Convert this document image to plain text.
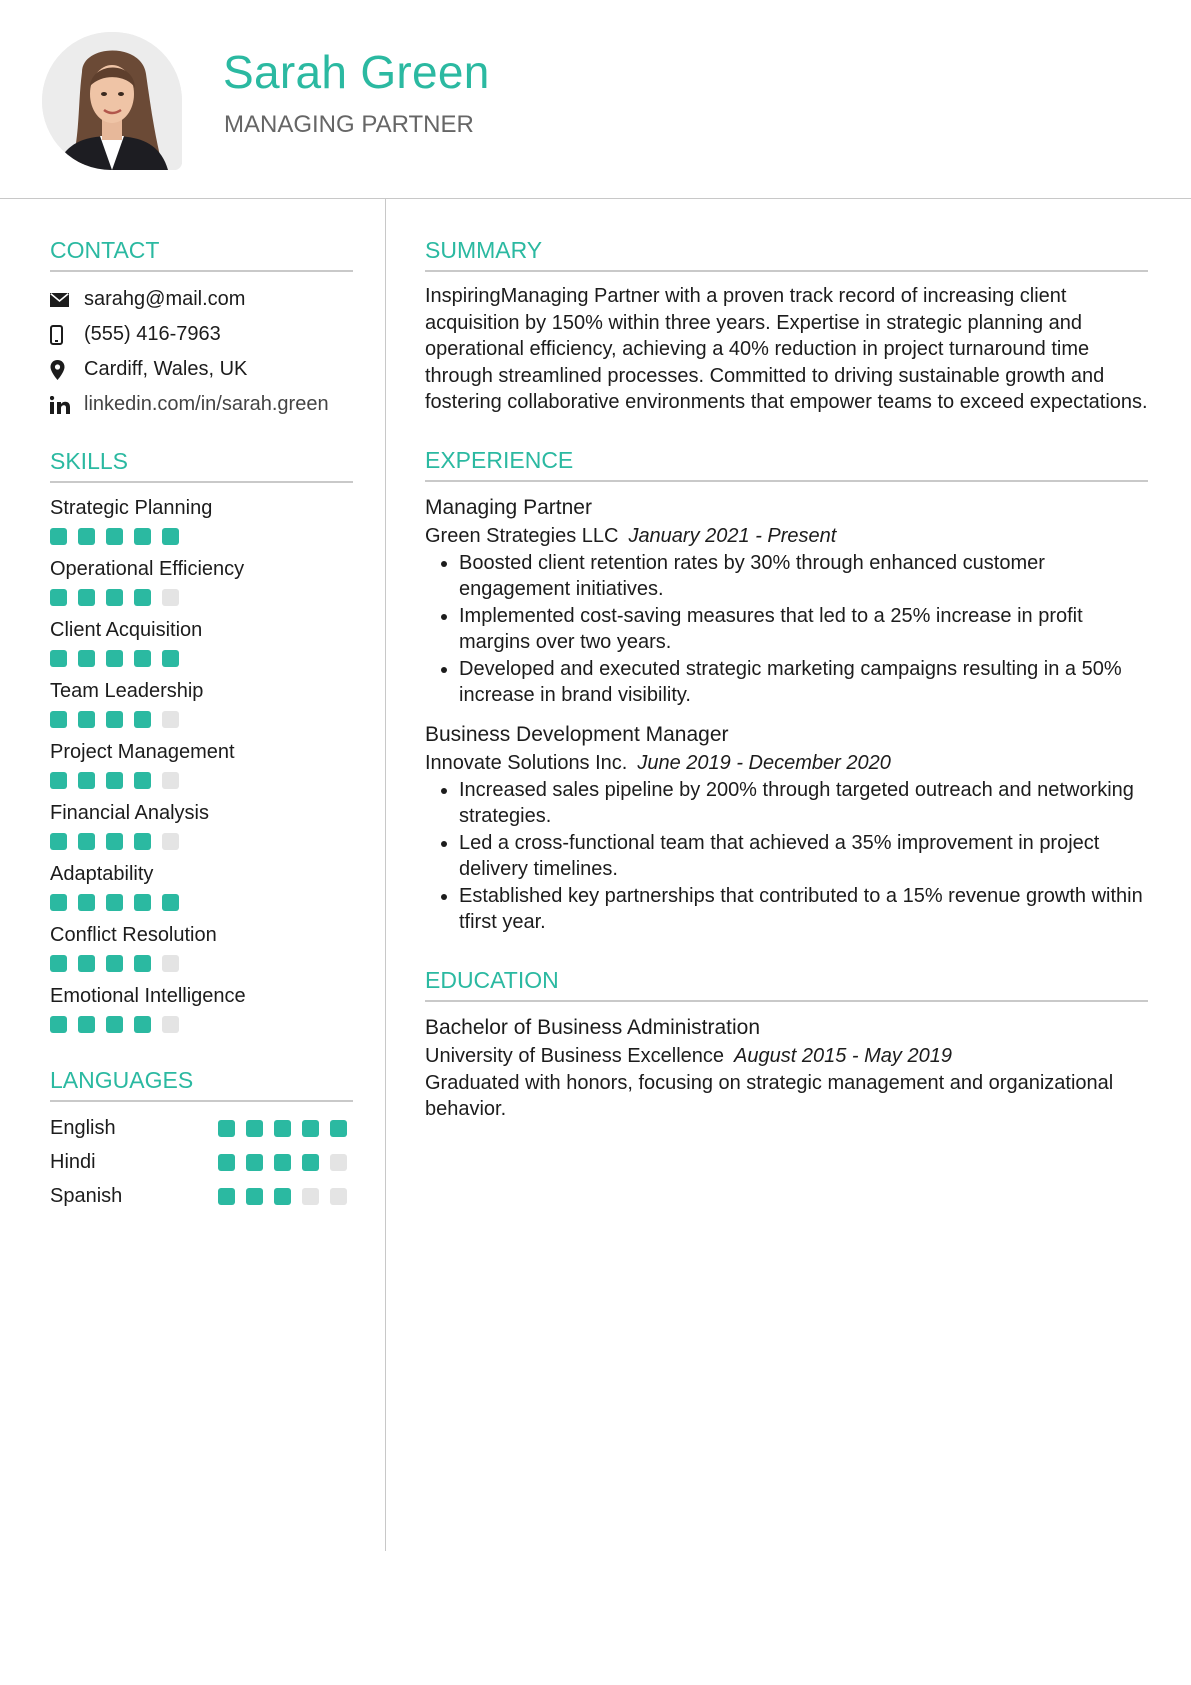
Sarah Green
MANAGING PARTNER
CONTACT
sarahg@mail.com
(555) 416-7963
Cardiff, Wales, UK
linkedin.com/in/sarah.green
SKILLS
Strategic Planning
Operational Efficiency
Client Acquisition
Team Leadership
Project Management
Financial Analysis
Adaptability
Conflict Resolution
Emotional Intelligence
LANGUAGES
English
Hindi
Spanish
SUMMARY

InspiringManaging Partner with a proven track record of increasing client acquisition by 150% within three years. Expertise in strategic planning and operational efficiency, achieving a 40% reduction in project turnaround time through streamlined processes. Committed to driving sustainable growth and fostering collaborative environments that empower teams to exceed expectations.

EXPERIENCE
Managing Partner
Green Strategies LLC January 2021 - Present
• Boosted client retention rates by 30% through enhanced customer engagement initiatives.
• Implemented cost-saving measures that led to a 25% increase in profit margins over two years.
• Developed and executed strategic marketing campaigns resulting in a 50% increase in brand visibility.
Business Development Manager
Innovate Solutions Inc. June 2019 - December 2020
• Increased sales pipeline by 200% through targeted outreach and networking strategies.
• Led a cross-functional team that achieved a 35% improvement in project delivery timelines.
• Established key partnerships that contributed to a 15% revenue growth within tfirst year.
EDUCATION
Bachelor of Business Administration
University of Business Excellence August 2015 - May 2019
Graduated with honors, focusing on strategic management and organizational behavior.
